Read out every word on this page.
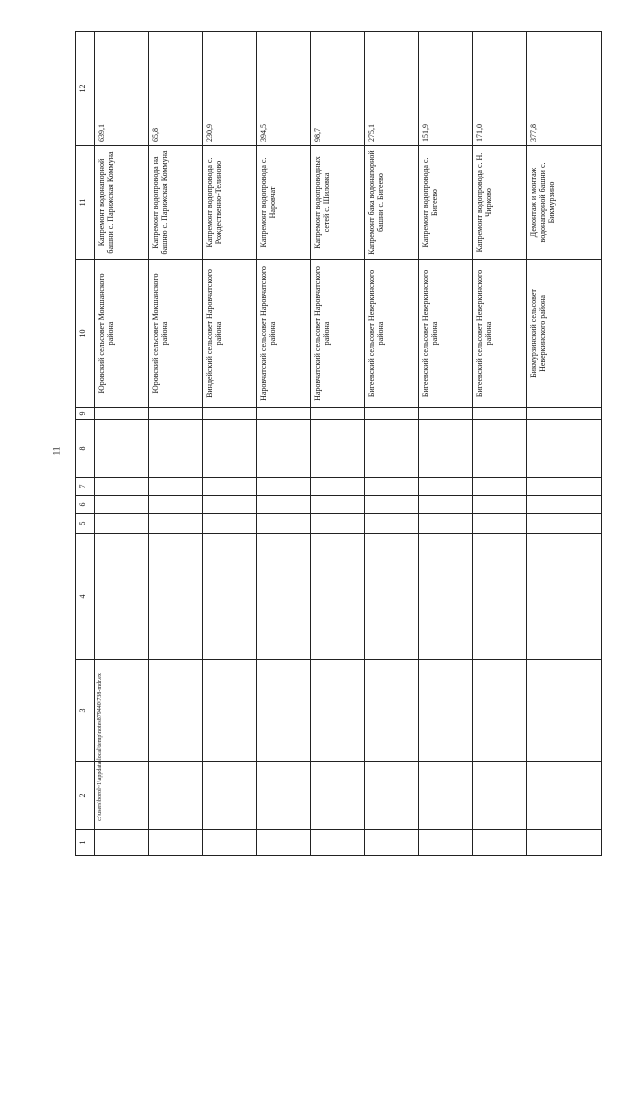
11
c:\users\borol~1\appdata\local\temp\notes879440\738-mdr.ex
1	2	3	4	5	6	7	8	9	10	11	12
									Юровский сельсовет Мокшанского района	Капремонт водонапорной башни с. Парижская Коммуна	639,1
									Юровский сельсовет Мокшанского района	Капремонт водопровода на башню с. Парижская Коммуна	65,8
									Виндейский сельсовет Наровчатского района	Капремонт водопровода с. Рождественно-Телиново	230,9
									Наровчатский сельсовет Наровчатского района	Капремонт водопровода с. Наровчат	394,5
									Наровчатский сельсовет Наровчатского района	Капремонт водопроводных сетей с. Шиловка	98,7
									Бигеевский сельсовет Неверкинского района	Капремонт бака водонапорной башни с. Бигеево	275,1
									Бигеевский сельсовет Неверкинского района	Капремонт водопровода с. Бигеево	151,9
									Бигеевский сельсовет Неверкинского района	Капремонт водопровода с. Н. Чирково	171,0
									Бикмурзинский сельсовет Неверкинского района	Демонтаж и монтаж водонапорной башни с. Бикмурзино	377,8
